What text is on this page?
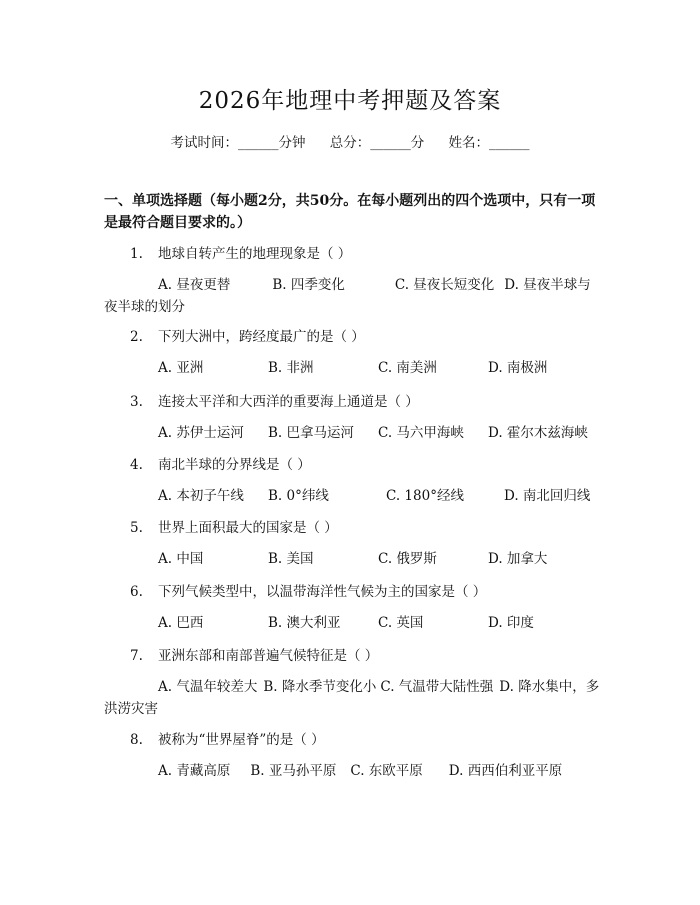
2026年地理中考押题及答案
考试时间：______分钟 总分：______分 姓名：______
一、单项选择题（每小题2分，共50分。在每小题列出的四个选项中，只有一项是最符合题目要求的。）
1. 地球自转产生的地理现象是（ ）
A. 昼夜更替	B. 四季变化	C. 昼夜长短变化 D. 昼夜半球与夜半球的划分
2. 下列大洲中，跨经度最广的是（ ）
A. 亚洲	B. 非洲	C. 南美洲	D. 南极洲
3. 连接太平洋和大西洋的重要海上通道是（ ）
A. 苏伊士运河	B. 巴拿马运河	C. 马六甲海峡	D. 霍尔木兹海峡
4. 南北半球的分界线是（ ）
A. 本初子午线	B. 0°纬线	C. 180°经线	D. 南北回归线
5. 世界上面积最大的国家是（ ）
A. 中国	B. 美国	C. 俄罗斯	D. 加拿大
6. 下列气候类型中，以温带海洋性气候为主的国家是（ ）
A. 巴西	B. 澳大利亚	C. 英国	D. 印度
7. 亚洲东部和南部普遍气候特征是（ ）
A. 气温年较差大 B. 降水季节变化小 C. 气温带大陆性强 D. 降水集中，多洪涝灾害
8. 被称为“世界屋脊”的是（ ）
A. 青藏高原 B. 亚马孙平原 C. 东欧平原 D. 西西伯利亚平原
